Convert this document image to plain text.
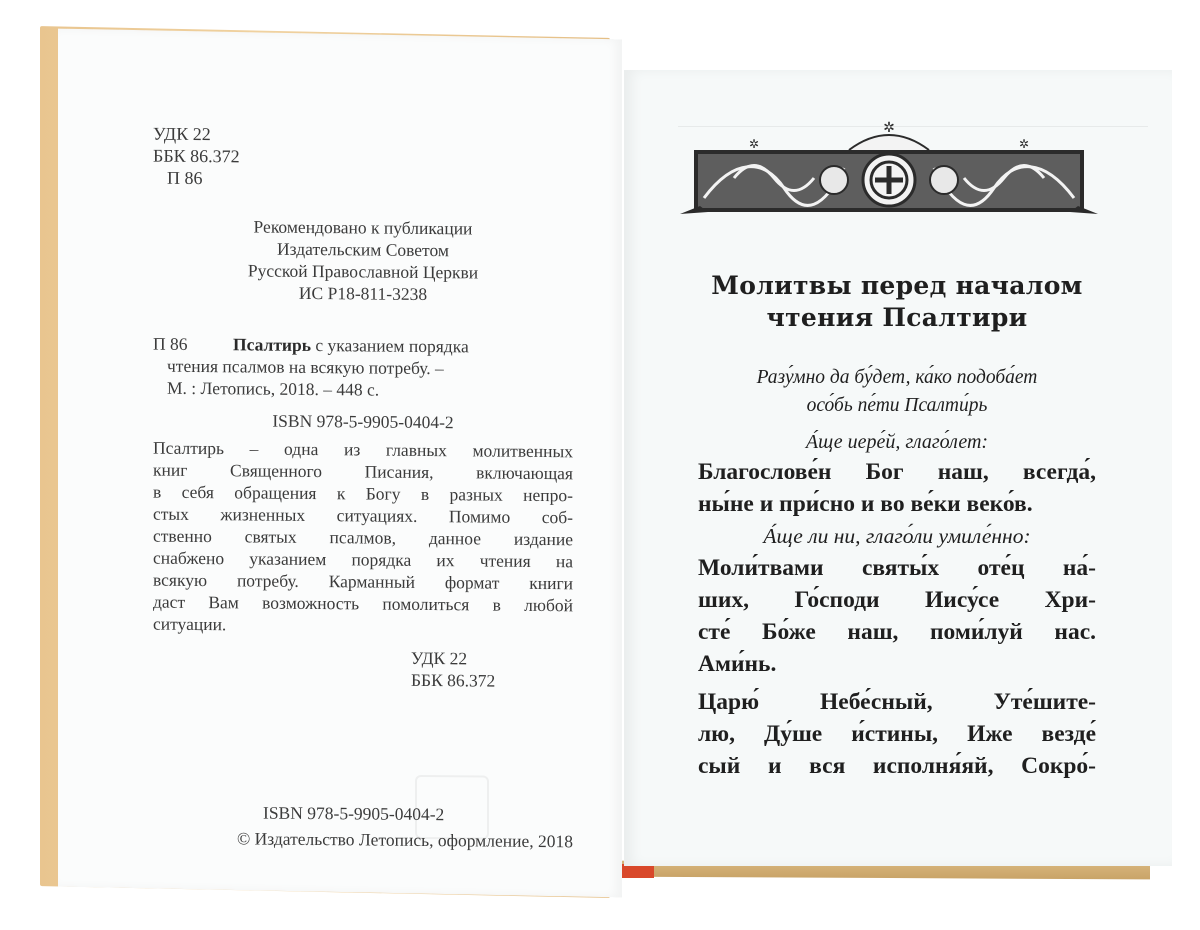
УДК 22
ББК 86.372
П 86
Рекомендовано к публикации
Издательским Советом
Русской Православной Церкви
ИС Р18-811-3238
П 86	Псалтирь с указанием порядка
чтения псалмов на всякую потребу. –
М. : Летопись, 2018. – 448 с.
ISBN 978-5-9905-0404-2
Псалтирь – одна из главных молитвенных
книг Священного Писания, включающая
в себя обращения к Богу в разных непро-
стых жизненных ситуациях. Помимо соб-
ственно святых псалмов, данное издание
снабжено указанием порядка их чтения на
всякую потребу. Карманный формат книги
даст Вам возможность помолиться в любой
ситуации.
УДК 22
ББК 86.372
ISBN 978-5-9905-0404-2
© Издательство Летопись, оформление, 2018
✲
✲	✲
Молитвы перед началом
чтения Псалтири
Разу́мно да бу́дет, ка́ко подоба́ет
осо́бь пе́ти Псалти́рь
А́ще иере́й, глаго́лет:
Благослове́н Бог наш, всегда́,
ны́не и при́сно и во ве́ки веко́в.
А́ще ли ни, глаго́ли умиле́нно:
Моли́твами святы́х оте́ц на́-
ших, Го́споди Иису́се Хри-
сте́ Бо́же наш, поми́луй нас.
Ами́нь.
Царю́ Небе́сный, Уте́шите-
лю, Ду́ше и́стины, Иже везде́
сый и вся исполня́яй, Сокро́-
